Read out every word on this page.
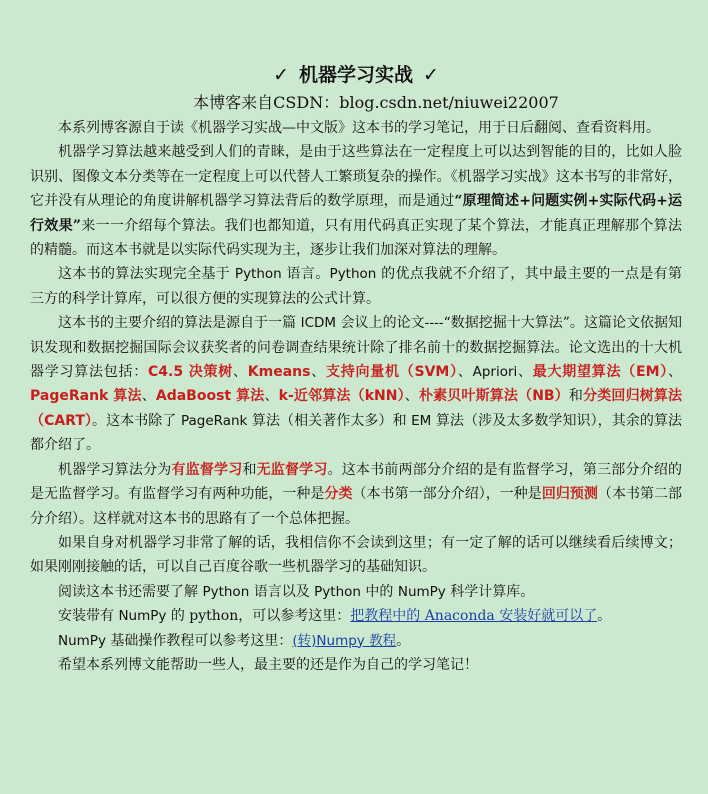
✓ 机器学习实战 ✓
本博客来自CSDN：blog.csdn.net/niuwei22007

本系列博客源自于读《机器学习实战—中文版》这本书的学习笔记，用于日后翻阅、查看资料用。

机器学习算法越来越受到人们的青睐，是由于这些算法在一定程度上可以达到智能的目的，比如人脸识别、图像文本分类等在一定程度上可以代替人工繁琐复杂的操作。《机器学习实战》这本书写的非常好，它并没有从理论的角度讲解机器学习算法背后的数学原理，而是通过“原理简述+问题实例+实际代码+运行效果”来一一介绍每个算法。我们也都知道，只有用代码真正实现了某个算法，才能真正理解那个算法的精髓。而这本书就是以实际代码实现为主，逐步让我们加深对算法的理解。

这本书的算法实现完全基于 Python 语言。Python 的优点我就不介绍了，其中最主要的一点是有第三方的科学计算库，可以很方便的实现算法的公式计算。

这本书的主要介绍的算法是源自于一篇 ICDM 会议上的论文----“数据挖掘十大算法”。这篇论文依据知识发现和数据挖掘国际会议获奖者的问卷调查结果统计除了排名前十的数据挖掘算法。论文选出的十大机器学习算法包括：C4.5 决策树、Kmeans、支持向量机（SVM）、Apriori、最大期望算法（EM）、PageRank 算法、AdaBoost 算法、k-近邻算法（kNN）、朴素贝叶斯算法（NB）和分类回归树算法（CART）。这本书除了 PageRank 算法（相关著作太多）和 EM 算法（涉及太多数学知识），其余的算法都介绍了。

机器学习算法分为有监督学习和无监督学习。这本书前两部分介绍的是有监督学习，第三部分介绍的是无监督学习。有监督学习有两种功能，一种是分类（本书第一部分介绍），一种是回归预测（本书第二部分介绍）。这样就对这本书的思路有了一个总体把握。

如果自身对机器学习非常了解的话，我相信你不会读到这里；有一定了解的话可以继续看后续博文；如果刚刚接触的话，可以自己百度谷歌一些机器学习的基础知识。

阅读这本书还需要了解 Python 语言以及 Python 中的 NumPy 科学计算库。

安装带有 NumPy 的 python，可以参考这里：把教程中的 Anaconda 安装好就可以了。

NumPy 基础操作教程可以参考这里：(转)Numpy 教程。

希望本系列博文能帮助一些人，最主要的还是作为自己的学习笔记！
